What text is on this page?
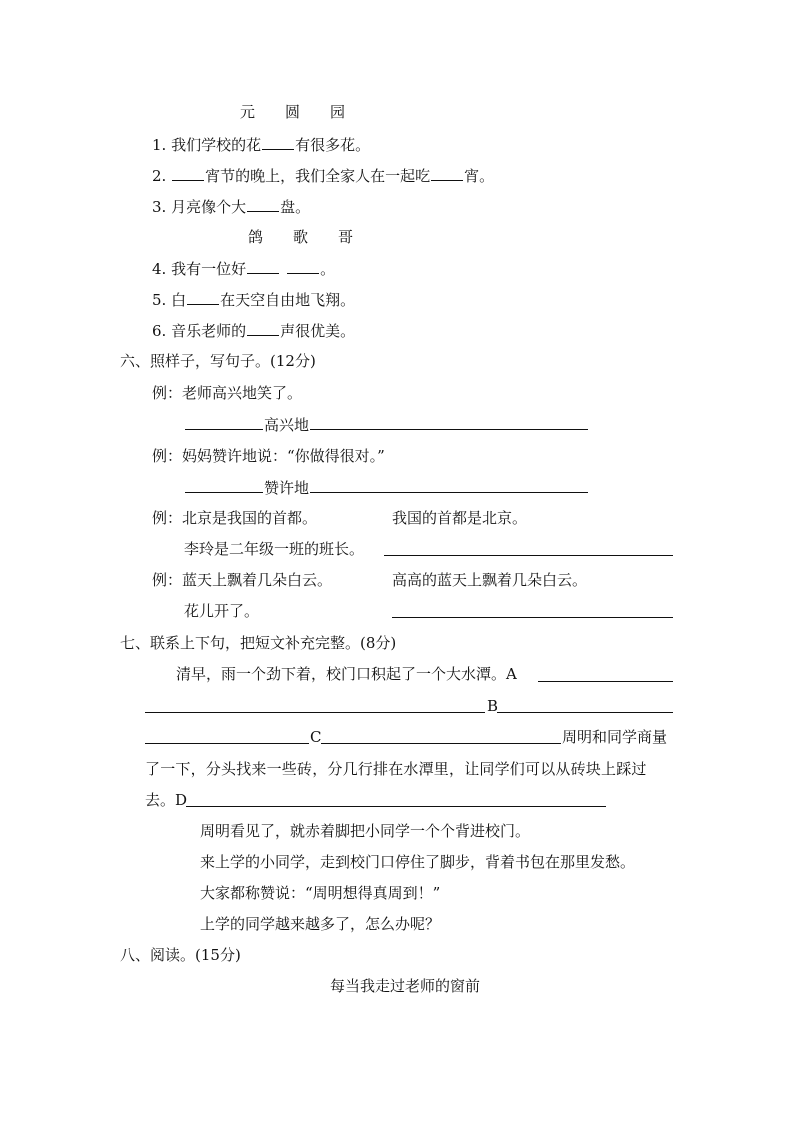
元 圆 园
1. 我们学校的花 有很多花。
2.	宵节的晚上，我们全家人在一起吃 宵。
3. 月亮像个大 盘。
鸽 歌 哥
4. 我有一位好	。
5. 白 在天空自由地飞翔。
6. 音乐老师的 声很优美。
六、照样子，写句子。(12分)
例：老师高兴地笑了。
高兴地
例：妈妈赞许地说：“你做得很对。”
赞许地
例：北京是我国的首都。	我国的首都是北京。
李玲是二年级一班的班长。
例：蓝天上飘着几朵白云。	高高的蓝天上飘着几朵白云。
花儿开了。
七、联系上下句，把短文补充完整。(8分)
清早，雨一个劲下着，校门口积起了一个大水潭。A
B
C	周明和同学商量
了一下，分头找来一些砖，分几行排在水潭里，让同学们可以从砖块上踩过
去。D
周明看见了，就赤着脚把小同学一个个背进校门。
来上学的小同学，走到校门口停住了脚步，背着书包在那里发愁。
大家都称赞说：“周明想得真周到！”
上学的同学越来越多了，怎么办呢？
八、阅读。(15分)
每当我走过老师的窗前
